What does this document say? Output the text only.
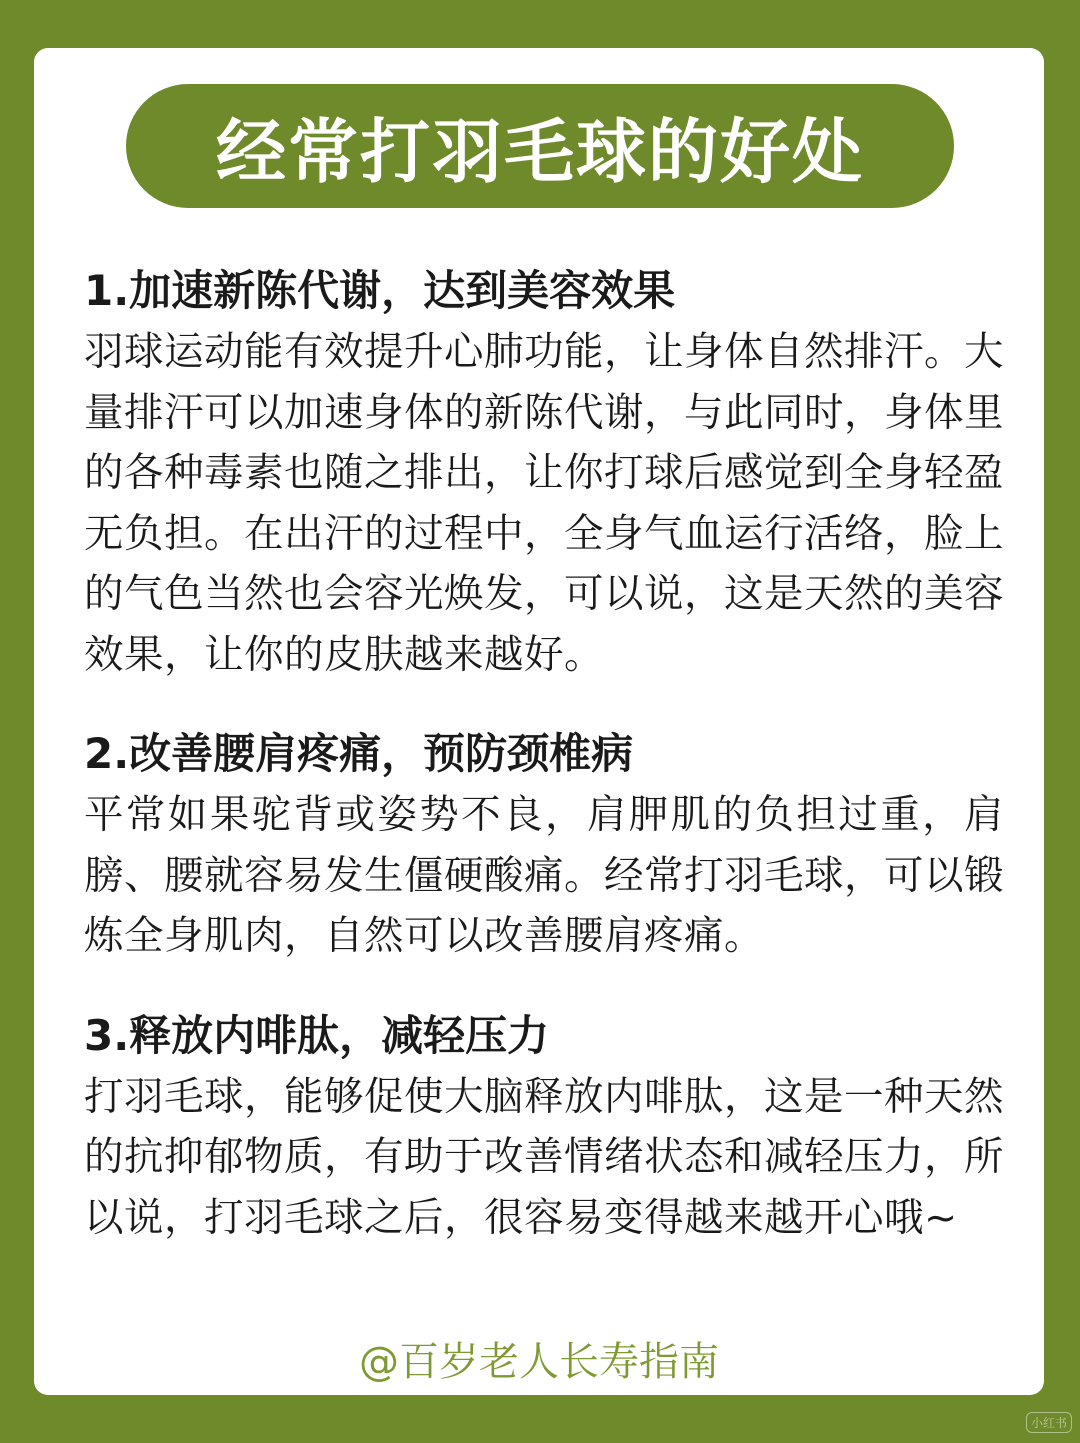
经常打羽毛球的好处

1.加速新陈代谢，达到美容效果

羽球运动能有效提升心肺功能，让身体自然排汗。大量排汗可以加速身体的新陈代谢，与此同时，身体里的各种毒素也随之排出，让你打球后感觉到全身轻盈无负担。在出汗的过程中，全身气血运行活络，脸上的气色当然也会容光焕发，可以说，这是天然的美容效果，让你的皮肤越来越好。

2.改善腰肩疼痛，预防颈椎病

平常如果驼背或姿势不良，肩胛肌的负担过重，肩膀、腰就容易发生僵硬酸痛。经常打羽毛球，可以锻炼全身肌肉，自然可以改善腰肩疼痛。

3.释放内啡肽，减轻压力

打羽毛球，能够促使大脑释放内啡肽，这是一种天然的抗抑郁物质，有助于改善情绪状态和减轻压力，所以说，打羽毛球之后，很容易变得越来越开心哦~

@百岁老人长寿指南
小红书
